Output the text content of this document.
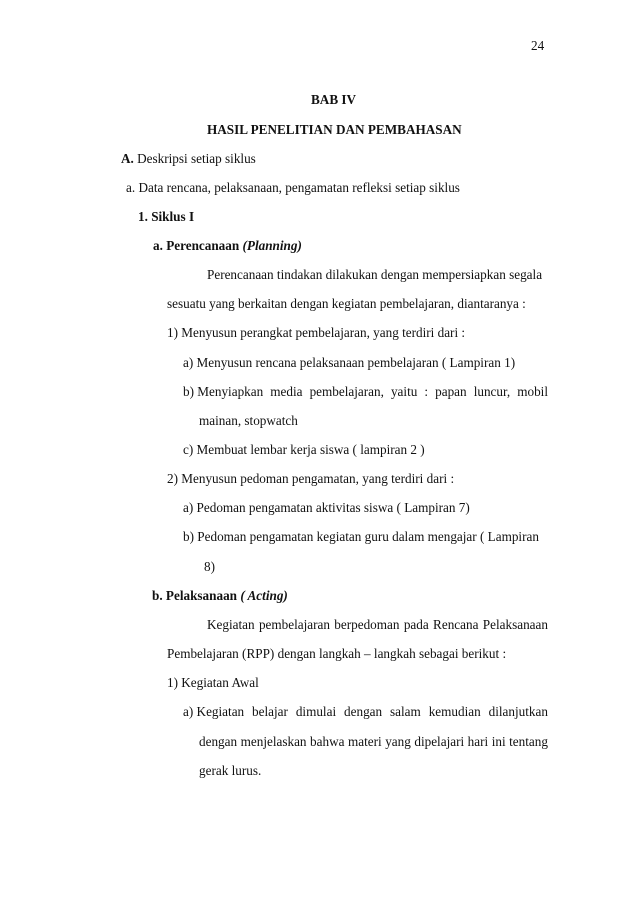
24
BAB IV
HASIL PENELITIAN DAN PEMBAHASAN
A. Deskripsi setiap siklus
a. Data rencana, pelaksanaan, pengamatan refleksi setiap siklus
1. Siklus I
a. Perencanaan (Planning)
Perencanaan tindakan dilakukan dengan mempersiapkan segala
sesuatu yang berkaitan dengan kegiatan pembelajaran, diantaranya :
1) Menyusun perangkat pembelajaran, yang terdiri dari :
a) Menyusun rencana pelaksanaan pembelajaran ( Lampiran 1)
b) Menyiapkan media pembelajaran, yaitu : papan luncur, mobil
mainan, stopwatch
c) Membuat lembar kerja siswa ( lampiran 2 )
2) Menyusun pedoman pengamatan, yang terdiri dari :
a) Pedoman pengamatan aktivitas siswa ( Lampiran 7)
b) Pedoman pengamatan kegiatan guru dalam mengajar ( Lampiran
8)
b. Pelaksanaan ( Acting)
Kegiatan pembelajaran berpedoman pada Rencana Pelaksanaan
Pembelajaran (RPP) dengan langkah – langkah sebagai berikut :
1) Kegiatan Awal
a) Kegiatan belajar dimulai dengan salam kemudian dilanjutkan
dengan menjelaskan bahwa materi yang dipelajari hari ini tentang
gerak lurus.
